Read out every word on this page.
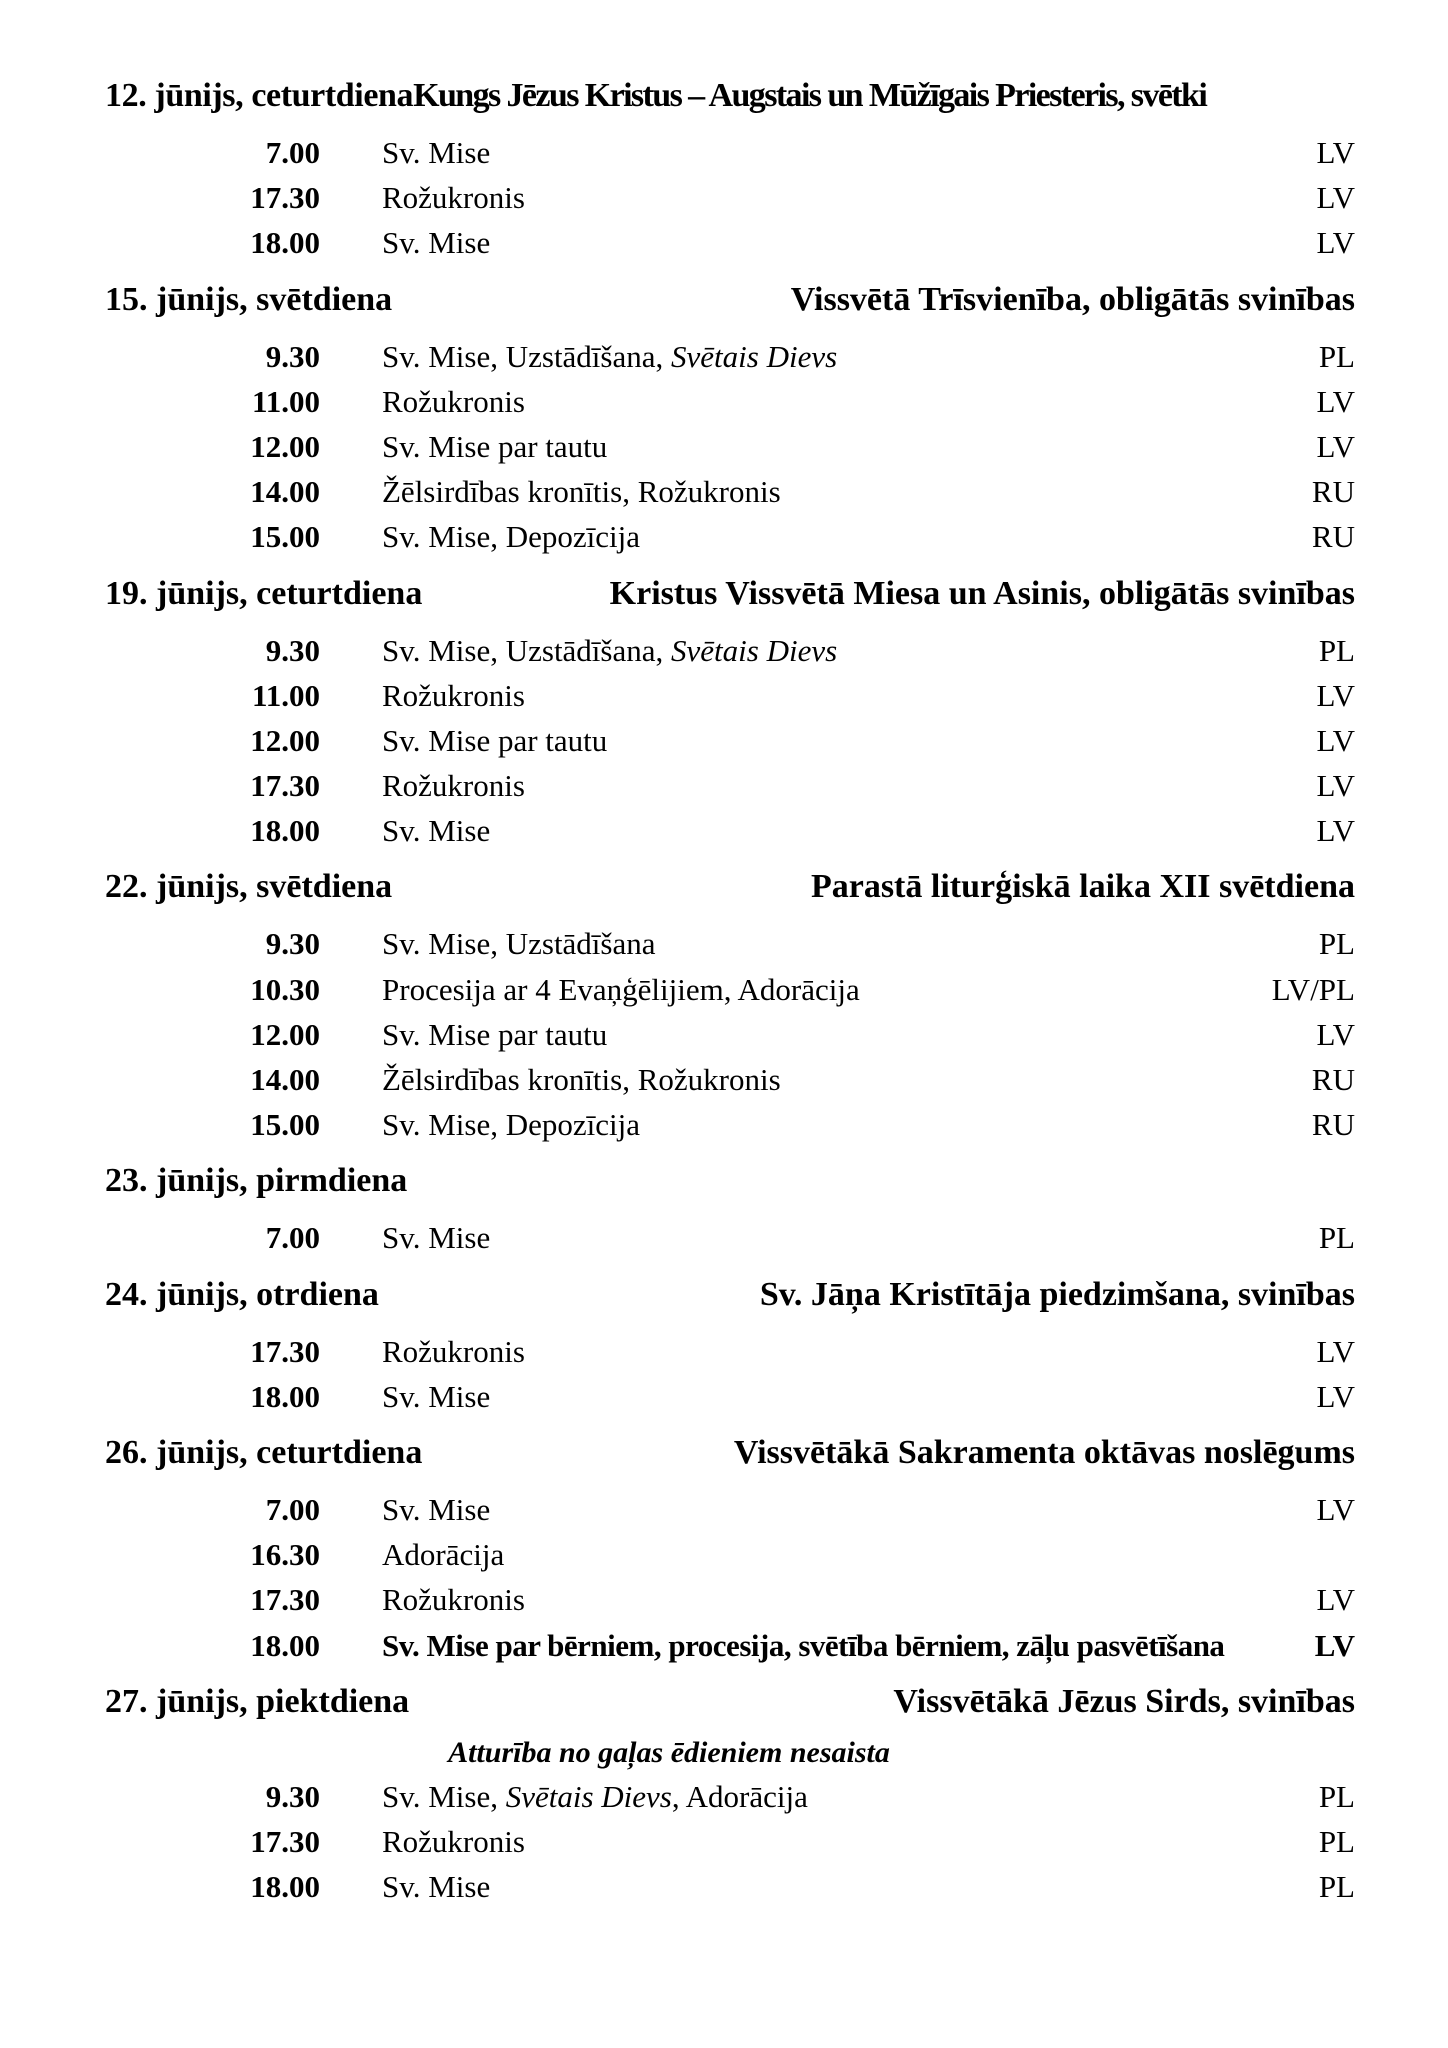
12. jūnijs, ceturtdienaKungs Jēzus Kristus – Augstais un Mūžīgais Priesteris, svētki
7.00 Sv. Mise	LV
17.30 Rožukronis	LV
18.00 Sv. Mise	LV
15. jūnijs, svētdiena	Vissvētā Trīsvienība, obligātās svinības
9.30 Sv. Mise, Uzstādīšana, Svētais Dievs	PL
11.00 Rožukronis	LV
12.00 Sv. Mise par tautu	LV
14.00 Žēlsirdības kronītis, Rožukronis	RU
15.00 Sv. Mise, Depozīcija	RU
19. jūnijs, ceturtdiena	Kristus Vissvētā Miesa un Asinis, obligātās svinības
9.30 Sv. Mise, Uzstādīšana, Svētais Dievs	PL
11.00 Rožukronis	LV
12.00 Sv. Mise par tautu	LV
17.30 Rožukronis	LV
18.00 Sv. Mise	LV
22. jūnijs, svētdiena	Parastā liturģiskā laika XII svētdiena
9.30 Sv. Mise, Uzstādīšana	PL
10.30 Procesija ar 4 Evaņģēlijiem, Adorācija	LV/PL
12.00 Sv. Mise par tautu	LV
14.00 Žēlsirdības kronītis, Rožukronis	RU
15.00 Sv. Mise, Depozīcija	RU
23. jūnijs, pirmdiena
7.00 Sv. Mise	PL
24. jūnijs, otrdiena	Sv. Jāņa Kristītāja piedzimšana, svinības
17.30 Rožukronis	LV
18.00 Sv. Mise	LV
26. jūnijs, ceturtdiena	Vissvētākā Sakramenta oktāvas noslēgums
7.00 Sv. Mise	LV
16.30 Adorācija
17.30 Rožukronis	LV
18.00 Sv. Mise par bērniem, procesija, svētība bērniem, zāļu pasvētīšana	LV
27. jūnijs, piektdiena	Vissvētākā Jēzus Sirds, svinības
Atturība no gaļas ēdieniem nesaista
9.30 Sv. Mise, Svētais Dievs, Adorācija	PL
17.30 Rožukronis	PL
18.00 Sv. Mise	PL
